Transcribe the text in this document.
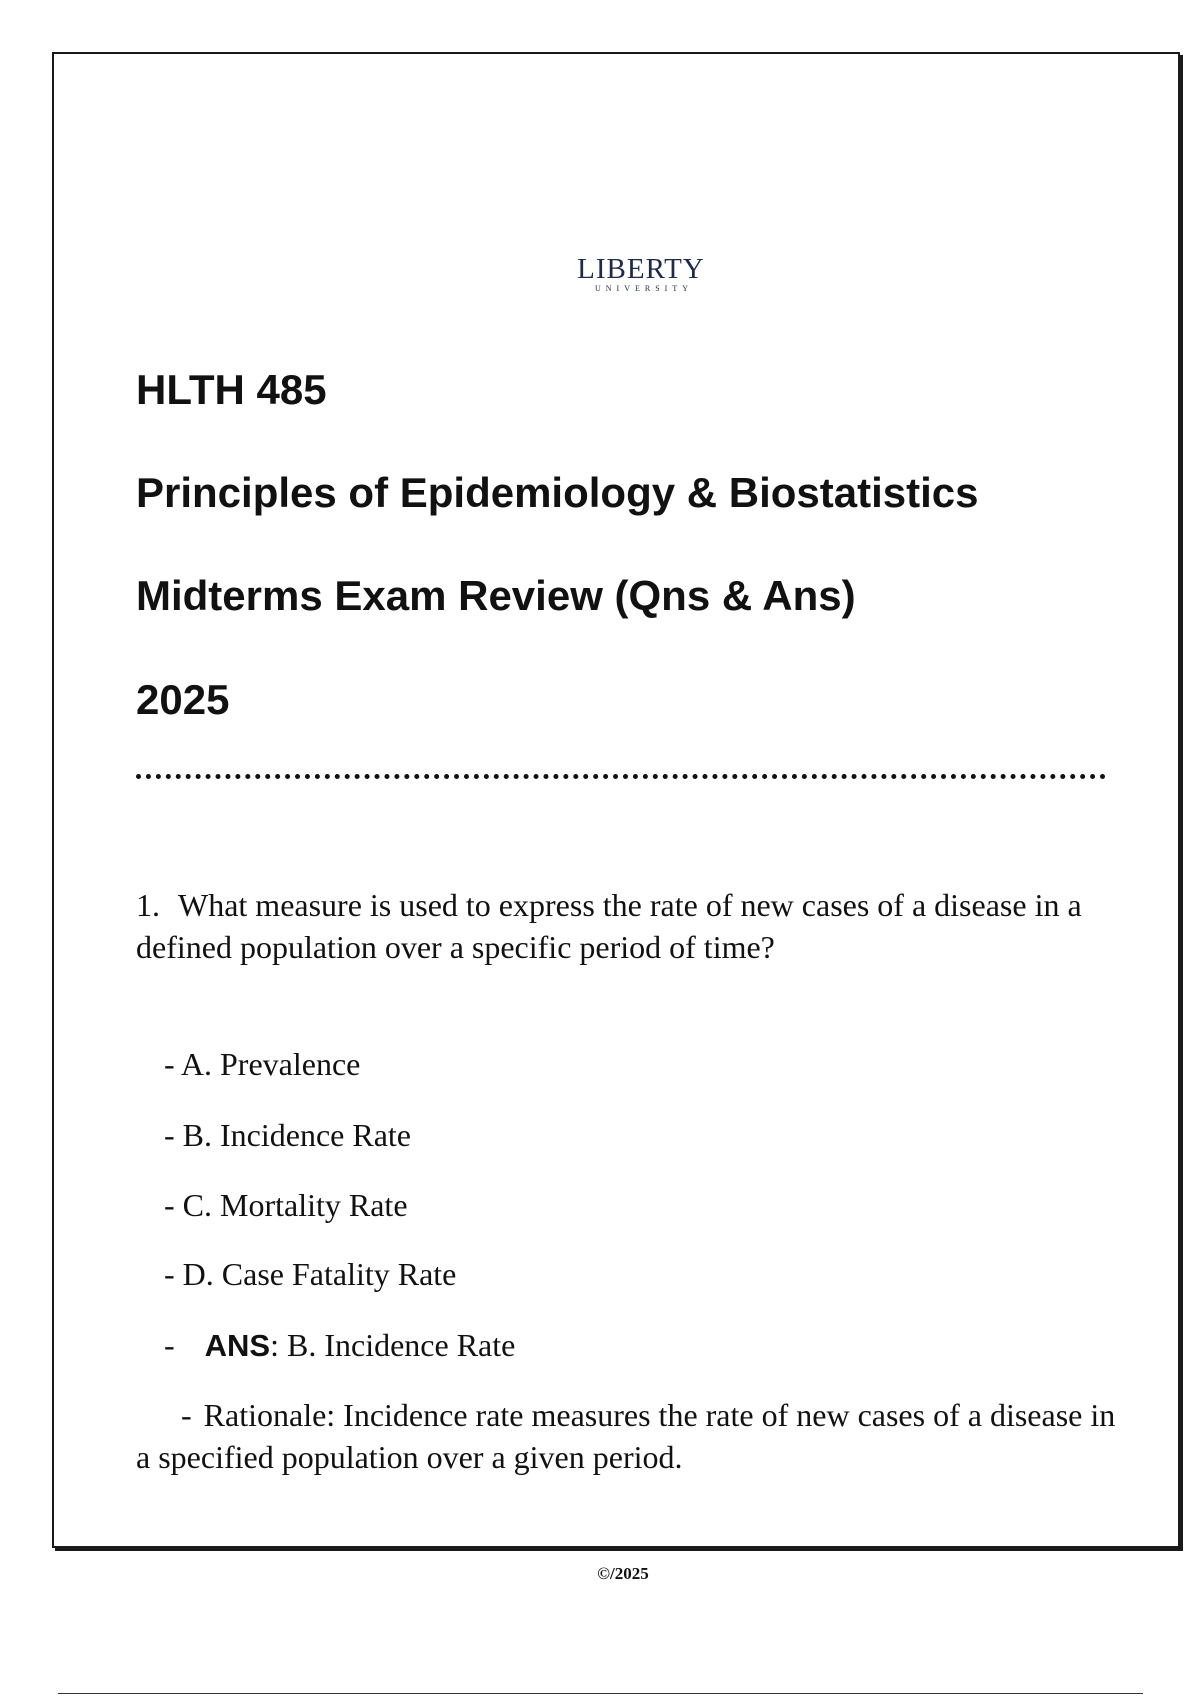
LIBERTY
UNIVERSITY
HLTH 485
Principles of Epidemiology & Biostatistics
Midterms Exam Review (Qns & Ans)
2025

1. What measure is used to express the rate of new cases of a disease in a defined population over a specific period of time?

- A. Prevalence

- B. Incidence Rate

- C. Mortality Rate

- D. Case Fatality Rate

- ANS: B. Incidence Rate

- Rationale: Incidence rate measures the rate of new cases of a disease in a specified population over a given period.

©/2025
